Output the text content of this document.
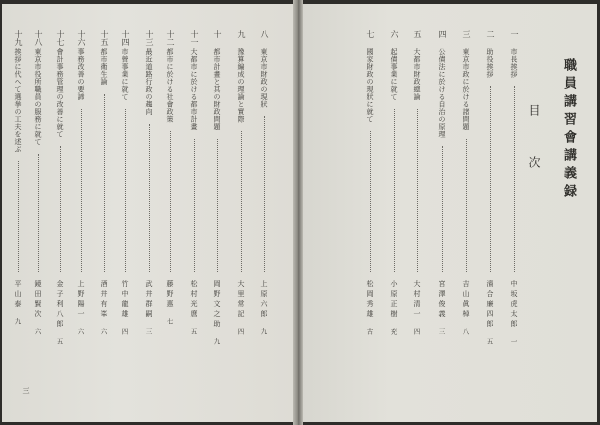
職員講習會講義録
目次
一
市長挨拶
中坂虎太郎
一
二
助役挨拶
濱合廉四郎
五
三
東京市政に於ける諸問題
吉山眞棹
八
四
公債法に於ける自治の原理
宮澤俊義
三
五
大都市財政總論
大村清一
四
六
起債事業に就て
小原正樹
充
七
國家財政の現狀に就て
松岡秀雄
古
八
東京市財政の現狀
上原六郎
九
九
豫算編成の理論と實際
大里常記
四
十
都市計畫と其の財政問題
岡野文之助
九
十一
大都市に於ける都市計畫
松村光麿
五
十二
都市に於ける社會政策
藤野惠
七
十三
最近道路行政の趨向
武井群嗣
三
十四
市營事業に就て
竹中龍雄
四
十五
都市衛生論
酒井有峯
六
十六
事務改善の要諦
上野陽一
六
十七
會計事務管理の改善に就て
金子利八郎
五
十八
東京市役所職員の服務に就て
鏡田賢次
六
十九
挨拶に代へて選挙の工夫を述ぶ
平山泰
九
三
